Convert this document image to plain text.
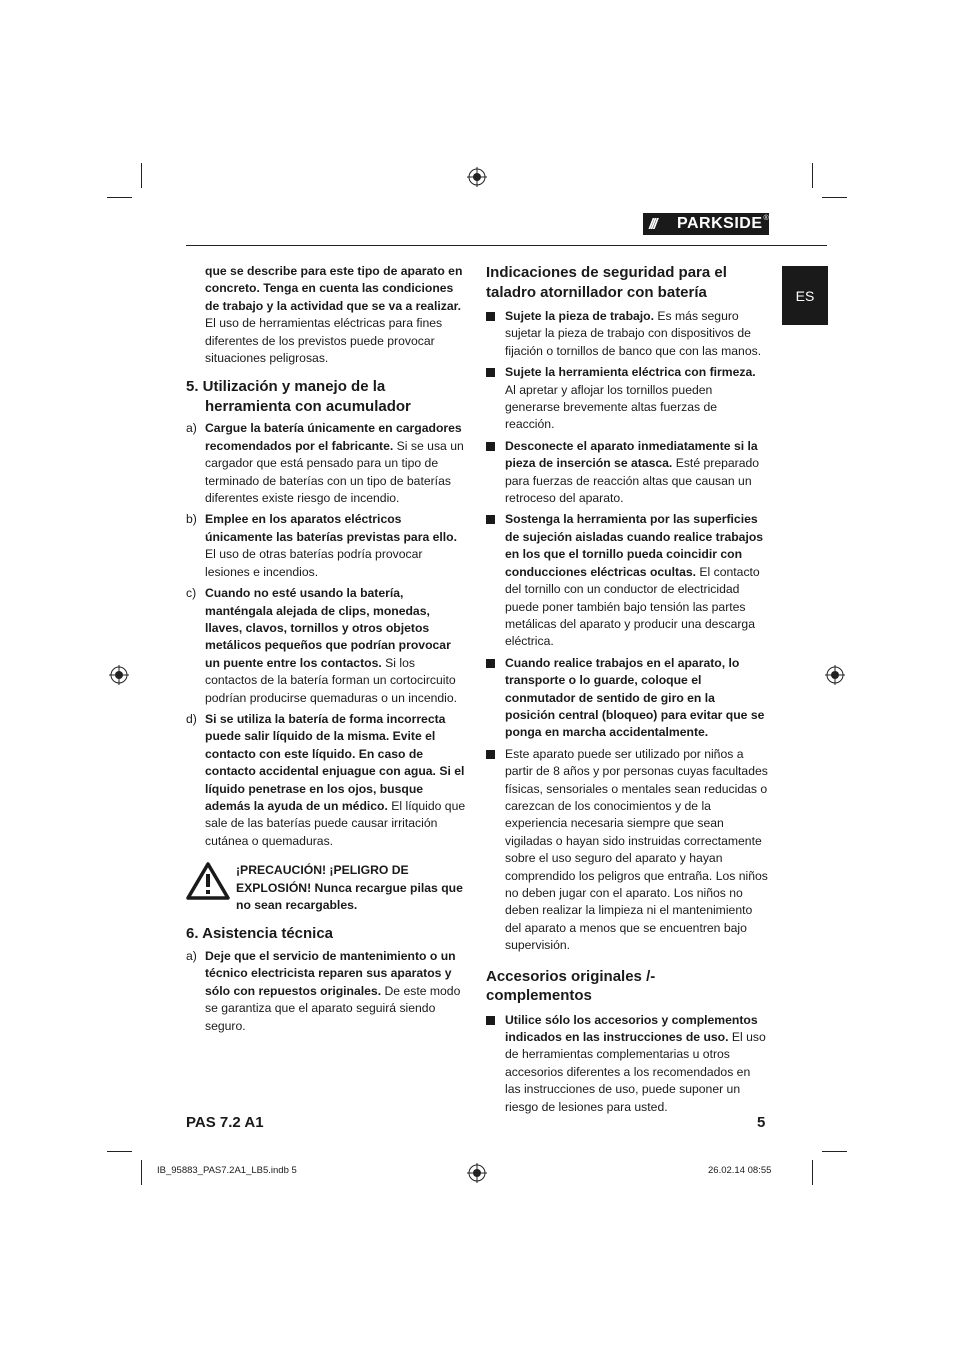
///	PARKSIDE ®
ES

que se describe para este tipo de aparato en concreto. Tenga en cuenta las condiciones de trabajo y la actividad que se va a realizar. El uso de herramientas eléctricas para fines diferentes de los previstos puede provocar situaciones peligrosas.

5. Utilización y manejo de la herramienta con acumulador

a) Cargue la batería únicamente en cargadores recomendados por el fabricante. Si se usa un cargador que está pensado para un tipo de terminado de baterías con un tipo de baterías diferentes existe riesgo de incendio.
b) Emplee en los aparatos eléctricos únicamente las baterías previstas para ello. El uso de otras baterías podría provocar lesiones e incendios.
c) Cuando no esté usando la batería, manténgala alejada de clips, monedas, llaves, clavos, tornillos y otros objetos metálicos pequeños que podrían provocar un puente entre los contactos. Si los contactos de la batería forman un cortocircuito podrían producirse quemaduras o un incendio.
d) Si se utiliza la batería de forma incorrecta puede salir líquido de la misma. Evite el contacto con este líquido. En caso de contacto accidental enjuague con agua. Si el líquido penetrase en los ojos, busque además la ayuda de un médico. El líquido que sale de las baterías puede causar irritación cutánea o quemaduras.
¡PRECAUCIÓN! ¡PELIGRO DE EXPLOSIÓN! Nunca recargue pilas que no sean recargables.

6. Asistencia técnica

a) Deje que el servicio de mantenimiento o un técnico electricista reparen sus aparatos y sólo con repuestos originales. De este modo se garantiza que el aparato seguirá siendo seguro.

Indicaciones de seguridad para el taladro atornillador con batería

Sujete la pieza de trabajo. Es más seguro sujetar la pieza de trabajo con dispositivos de fijación o tornillos de banco que con las manos.
Sujete la herramienta eléctrica con firmeza. Al apretar y aflojar los tornillos pueden generarse brevemente altas fuerzas de reacción.
Desconecte el aparato inmediatamente si la pieza de inserción se atasca. Esté preparado para fuerzas de reacción altas que causan un retroceso del aparato.
Sostenga la herramienta por las superficies de sujeción aisladas cuando realice trabajos en los que el tornillo pueda coincidir con conducciones eléctricas ocultas. El contacto del tornillo con un conductor de electricidad puede poner también bajo tensión las partes metálicas del aparato y producir una descarga eléctrica.
Cuando realice trabajos en el aparato, lo transporte o lo guarde, coloque el conmutador de sentido de giro en la posición central (bloqueo) para evitar que se ponga en marcha accidentalmente.
Este aparato puede ser utilizado por niños a partir de 8 años y por personas cuyas facultades físicas, sensoriales o mentales sean reducidas o carezcan de los conocimientos y de la experiencia necesaria siempre que sean vigiladas o hayan sido instruidas correctamente sobre el uso seguro del aparato y hayan comprendido los peligros que entraña. Los niños no deben jugar con el aparato. Los niños no deben realizar la limpieza ni el mantenimiento del aparato a menos que se encuentren bajo supervisión.

Accesorios originales /-complementos

Utilice sólo los accesorios y complementos indicados en las instrucciones de uso. El uso de herramientas complementarias u otros accesorios diferentes a los recomendados en las instrucciones de uso, puede suponer un riesgo de lesiones para usted.
PAS 7.2 A1	5
IB_95883_PAS7.2A1_LB5.indb 5	26.02.14 08:55
